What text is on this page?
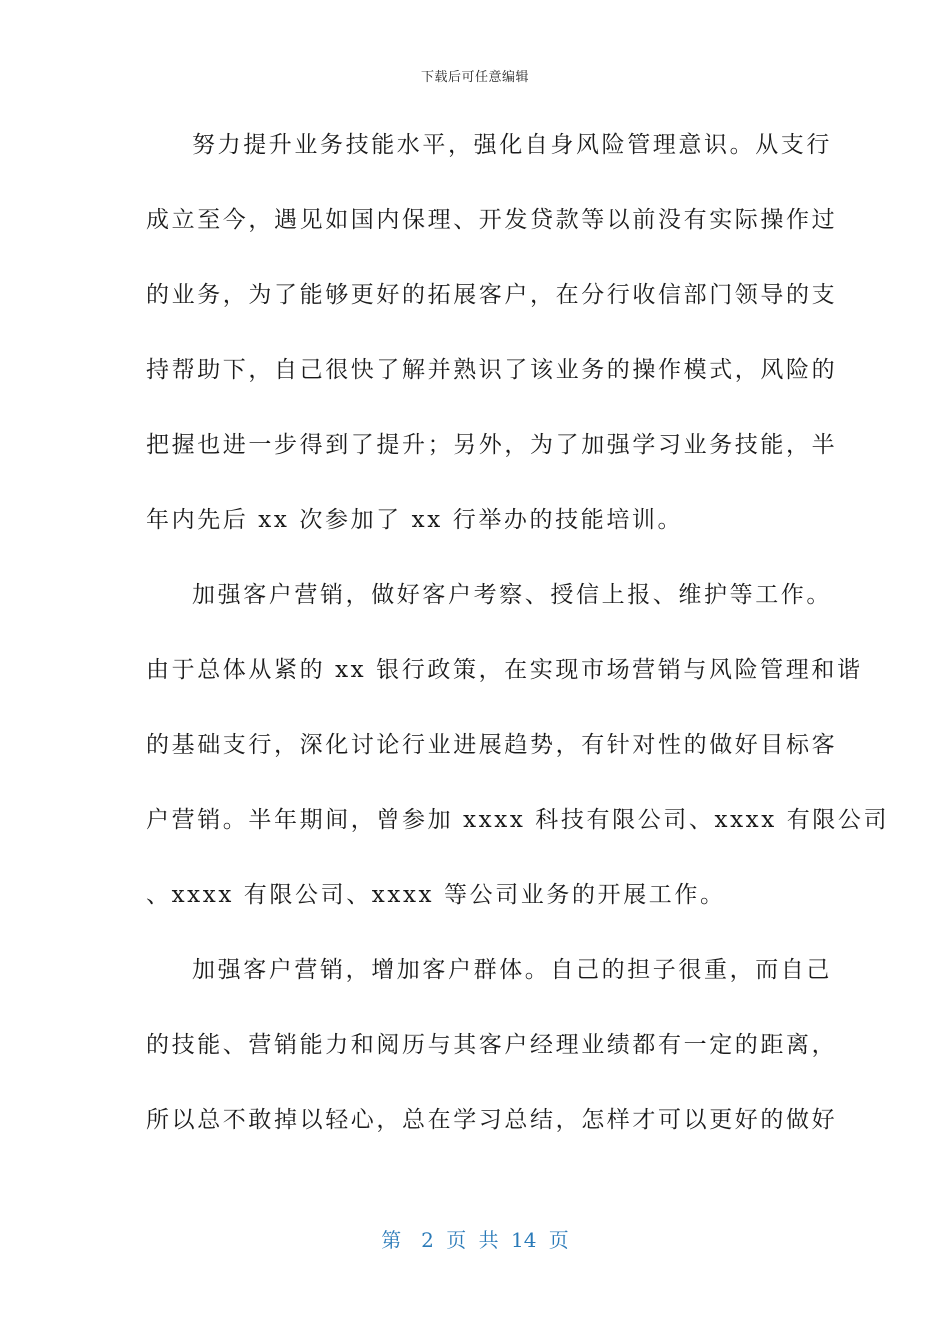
下载后可任意编辑
努力提升业务技能水平，强化自身风险管理意识。从支行
成立至今，遇见如国内保理、开发贷款等以前没有实际操作过
的业务，为了能够更好的拓展客户，在分行收信部门领导的支
持帮助下，自己很快了解并熟识了该业务的操作模式，风险的
把握也进一步得到了提升；另外，为了加强学习业务技能，半
年内先后 xx 次参加了 xx 行举办的技能培训。
加强客户营销，做好客户考察、授信上报、维护等工作。
由于总体从紧的 xx 银行政策，在实现市场营销与风险管理和谐
的基础支行，深化讨论行业进展趋势，有针对性的做好目标客
户营销。半年期间，曾参加 xxxx 科技有限公司、xxxx 有限公司
、xxxx 有限公司、xxxx 等公司业务的开展工作。
加强客户营销，增加客户群体。自己的担子很重，而自己
的技能、营销能力和阅历与其客户经理业绩都有一定的距离，
所以总不敢掉以轻心，总在学习总结，怎样才可以更好的做好
第　2 页 共 14 页
